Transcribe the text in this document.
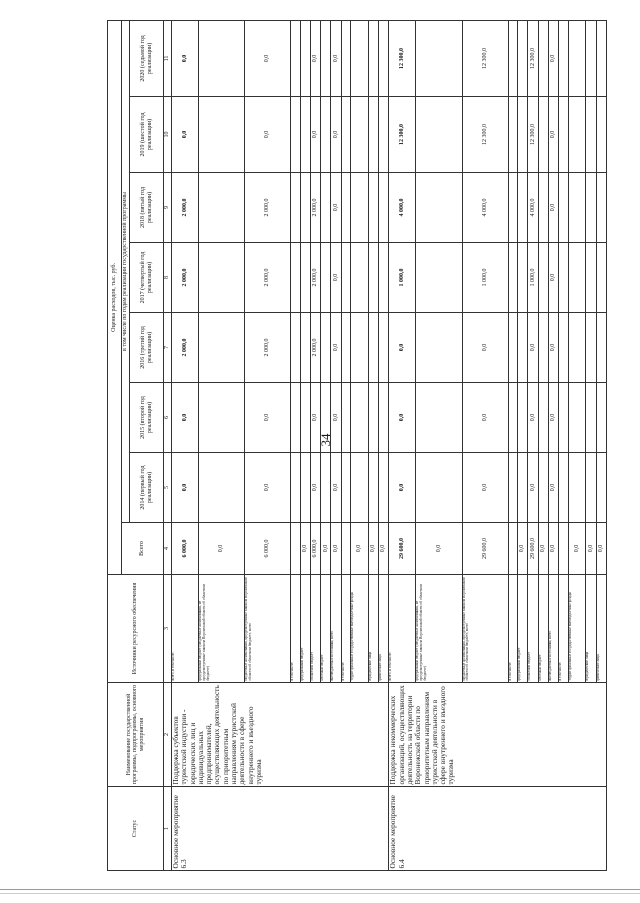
34
Статус	Наименование государственной программы, подпрограммы, основного мероприятия	Источники ресурсного обеспечения	Оценка расходов, тыс. руб.							
			Всего	в том числе по годам реализации государственной программы						
				2014 (первый год реализации)	2015 (второй год реализации)	2016 (третий год реализации)	2017 (четвертый год реализации)	2018 (пятый год реализации)	2019 (шестой год реализации)	2020 (седьмой год реализации)
1	2	3	4	5	6	7	8	9	10	11
Основное мероприятие 6.3	Поддержка субъектов туристской индустрии - юридических лиц и индивидуальных предпринимателей, осуществляющих деятельность по приоритетным направлениям туристской деятельности в сфере внутреннего и въездного туризма	всего, в том числе:	6 000,0	0,0	0,0	2 000,0	2 000,0	2 000,0	0,0	0,0
		федеральный бюджет (бюджетные ассигнования, не предусмотренные законом Воронежской области об областном бюджете)	0,0							
		бюджетные ассигнования, предусмотренные законом Воронежской области об областном бюджете, всего	6 000,0	0,0	0,0	2 000,0	2 000,0	2 000,0	0,0	0,0
		в том числе:								
		федеральный бюджет	0,0							
		областной бюджет	6 000,0	0,0	0,0	2 000,0	2 000,0	2 000,0	0,0	0,0
		местный бюджет	0,0							
		внебюджетные источники, всего	0,0	0,0	0,0	0,0	0,0	0,0	0,0	0,0
		в том числе:								
		территориальные государственные внебюджетные фонды	0,0							
		юридические лица	0,0							
		физические лица	0,0							
Основное мероприятие 6.4	Поддержка некоммерческих организаций, осуществляющих деятельность на территории Воронежской области по приоритетным направлениям туристской деятельности в сфере внутреннего и въездного туризма	всего, в том числе:	29 600,0	0,0	0,0	0,0	1 000,0	4 000,0	12 300,0	12 300,0
		федеральный бюджет (бюджетные ассигнования, не предусмотренные законом Воронежской области об областном бюджете)	0,0							
		бюджетные ассигнования, предусмотренные законом Воронежской области об областном бюджете, всего	29 600,0	0,0	0,0	0,0	1 000,0	4 000,0	12 300,0	12 300,0
		в том числе:								
		федеральный бюджет	0,0							
		областной бюджет	29 600,0	0,0	0,0	0,0	1 000,0	4 000,0	12 300,0	12 300,0
		местный бюджет	0,0							
		внебюджетные источники, всего	0,0	0,0	0,0	0,0	0,0	0,0	0,0	0,0
		в том числе:								
		территориальные государственные внебюджетные фонды	0,0							
		юридические лица	0,0							
		физические лица	0,0							
